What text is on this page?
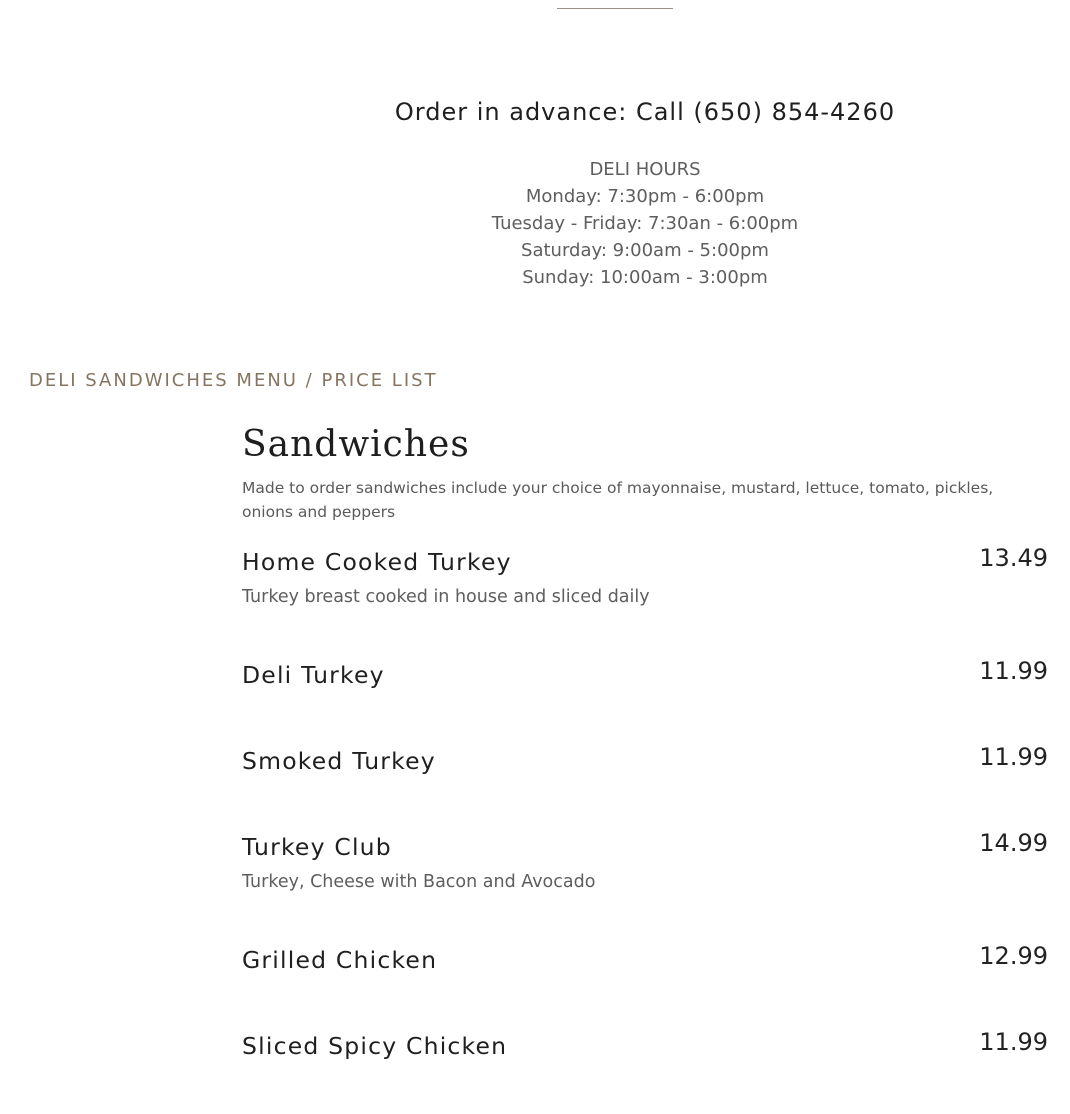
Order in advance: Call (650) 854-4260
DELI HOURS
Monday: 7:30pm - 6:00pm
Tuesday - Friday: 7:30an - 6:00pm
Saturday: 9:00am - 5:00pm
Sunday: 10:00am - 3:00pm
DELI SANDWICHES MENU / PRICE LIST
Sandwiches
Made to order sandwiches include your choice of mayonnaise, mustard, lettuce, tomato, pickles, onions and peppers
Home Cooked Turkey	13.49
Turkey breast cooked in house and sliced daily
Deli Turkey	11.99
Smoked Turkey	11.99
Turkey Club	14.99
Turkey, Cheese with Bacon and Avocado
Grilled Chicken	12.99
Sliced Spicy Chicken	11.99
